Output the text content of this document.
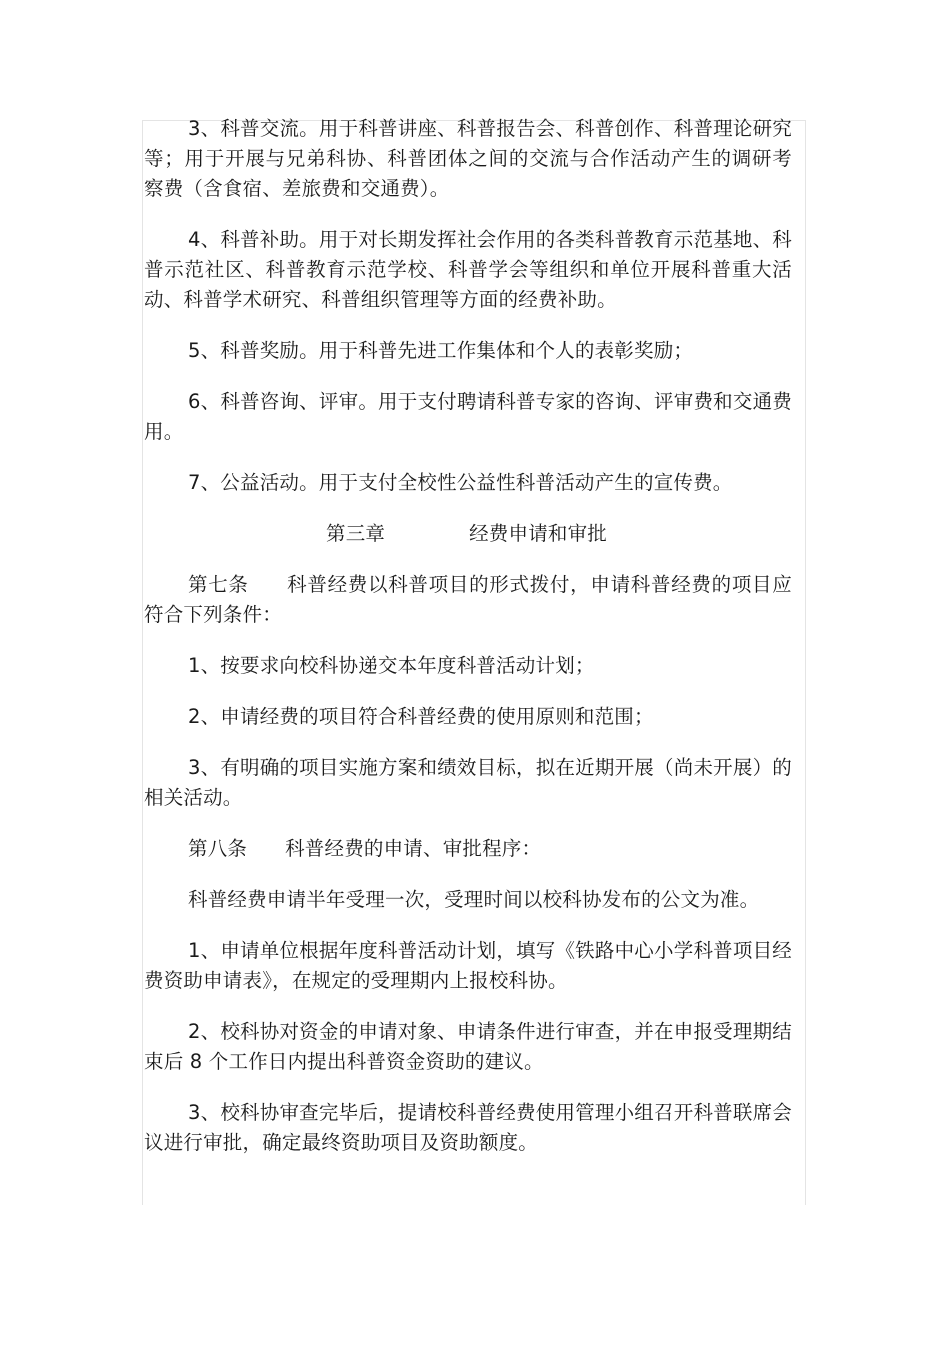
3、科普交流。用于科普讲座、科普报告会、科普创作、科普理论研究等；用于开展与兄弟科协、科普团体之间的交流与合作活动产生的调研考察费（含食宿、差旅费和交通费）。

4、科普补助。用于对长期发挥社会作用的各类科普教育示范基地、科普示范社区、科普教育示范学校、科普学会等组织和单位开展科普重大活动、科普学术研究、科普组织管理等方面的经费补助。

5、科普奖励。用于科普先进工作集体和个人的表彰奖励；

6、科普咨询、评审。用于支付聘请科普专家的咨询、评审费和交通费用。

7、公益活动。用于支付全校性公益性科普活动产生的宣传费。

第三章	经费申请和审批

第七条 科普经费以科普项目的形式拨付，申请科普经费的项目应符合下列条件：

1、按要求向校科协递交本年度科普活动计划；

2、申请经费的项目符合科普经费的使用原则和范围；

3、有明确的项目实施方案和绩效目标，拟在近期开展（尚未开展）的相关活动。

第八条 科普经费的申请、审批程序：

科普经费申请半年受理一次，受理时间以校科协发布的公文为准。

1、申请单位根据年度科普活动计划，填写《铁路中心小学科普项目经费资助申请表》，在规定的受理期内上报校科协。

2、校科协对资金的申请对象、申请条件进行审查，并在申报受理期结束后 8 个工作日内提出科普资金资助的建议。

3、校科协审查完毕后，提请校科普经费使用管理小组召开科普联席会议进行审批，确定最终资助项目及资助额度。
